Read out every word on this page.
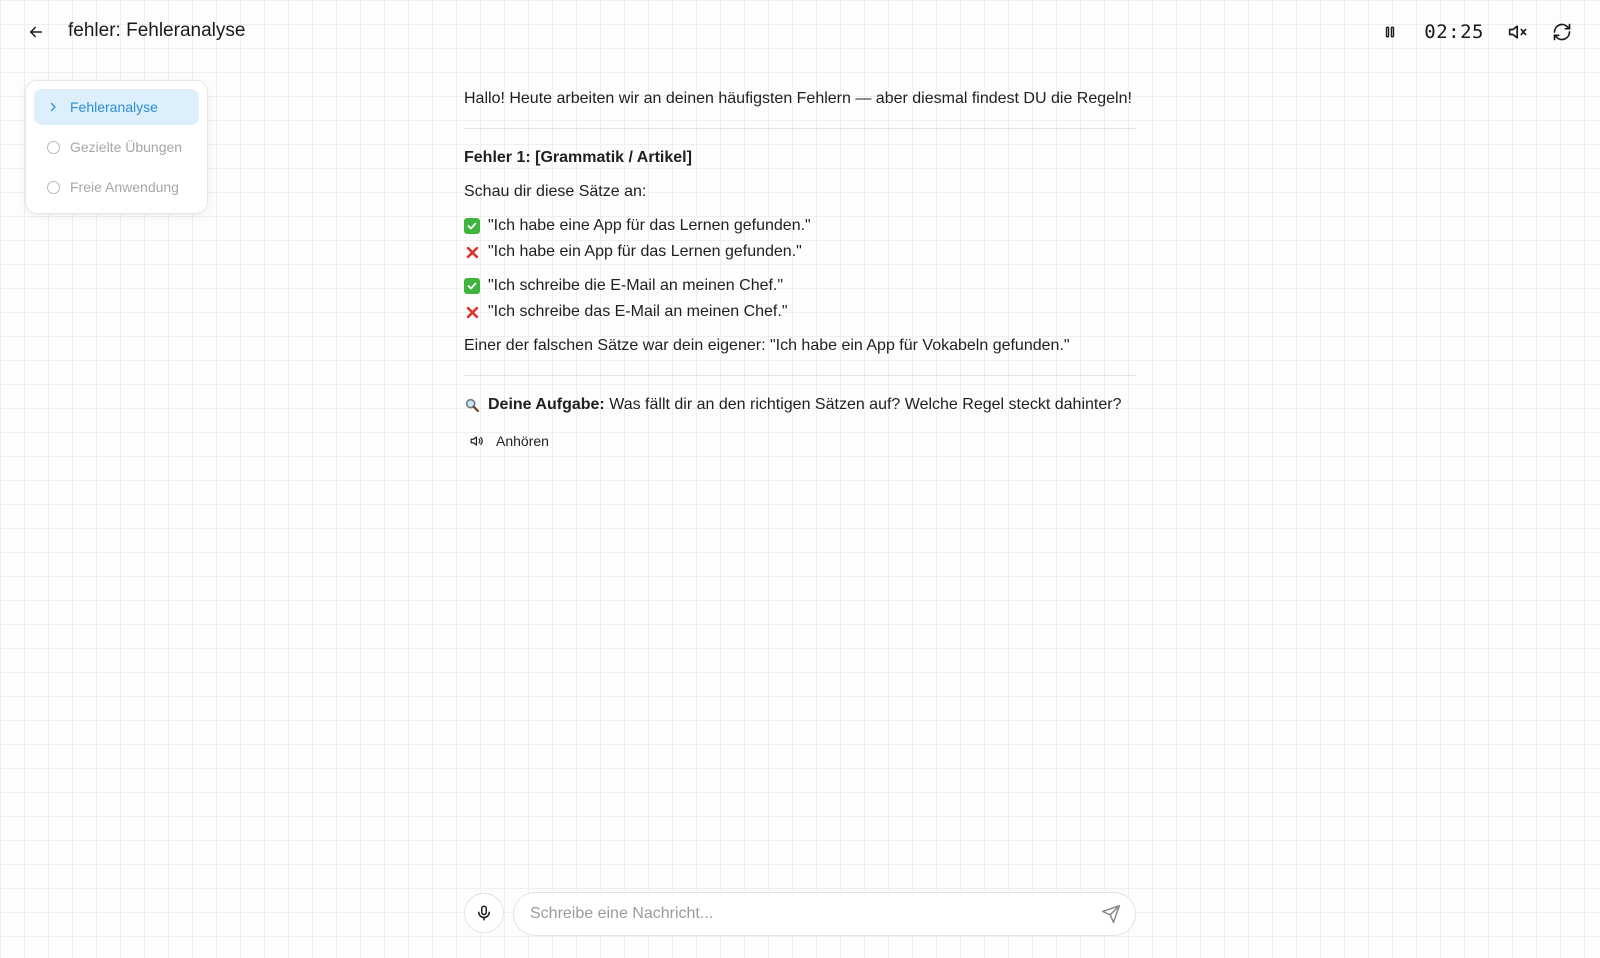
fehler: Fehleranalyse	02:25
Fehleranalyse
Gezielte Übungen
Freie Anwendung
Hallo! Heute arbeiten wir an deinen häufigsten Fehlern — aber diesmal findest DU die Regeln!
Fehler 1: [Grammatik / Artikel]
Schau dir diese Sätze an:
"Ich habe eine App für das Lernen gefunden."
"Ich habe ein App für das Lernen gefunden."
"Ich schreibe die E-Mail an meinen Chef."
"Ich schreibe das E-Mail an meinen Chef."
Einer der falschen Sätze war dein eigener: "Ich habe ein App für Vokabeln gefunden."
Deine Aufgabe: Was fällt dir an den richtigen Sätzen auf? Welche Regel steckt dahinter?
Anhören
Schreibe eine Nachricht...
